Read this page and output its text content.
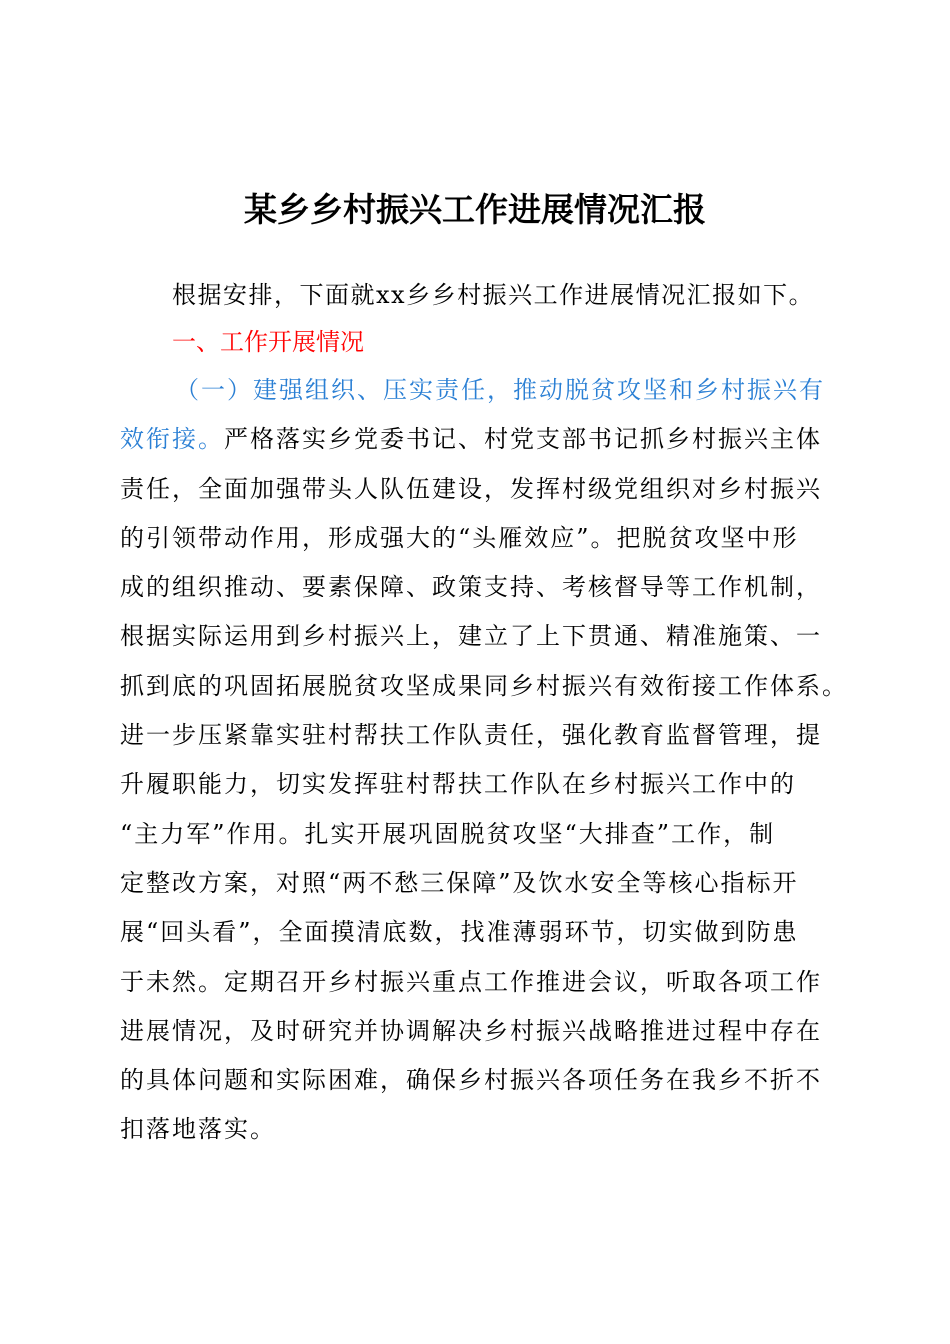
某乡乡村振兴工作进展情况汇报

根据安排，下面就xx乡乡村振兴工作进展情况汇报如下。

一、工作开展情况

（一）建强组织、压实责任，推动脱贫攻坚和乡村振兴有
效衔接。严格落实乡党委书记、村党支部书记抓乡村振兴主体
责任，全面加强带头人队伍建设，发挥村级党组织对乡村振兴
的引领带动作用，形成强大的“头雁效应”。把脱贫攻坚中形
成的组织推动、要素保障、政策支持、考核督导等工作机制，
根据实际运用到乡村振兴上，建立了上下贯通、精准施策、一
抓到底的巩固拓展脱贫攻坚成果同乡村振兴有效衔接工作体系。
进一步压紧靠实驻村帮扶工作队责任，强化教育监督管理，提
升履职能力，切实发挥驻村帮扶工作队在乡村振兴工作中的
“主力军”作用。扎实开展巩固脱贫攻坚“大排查”工作，制
定整改方案，对照“两不愁三保障”及饮水安全等核心指标开
展“回头看”，全面摸清底数，找准薄弱环节，切实做到防患
于未然。定期召开乡村振兴重点工作推进会议，听取各项工作
进展情况，及时研究并协调解决乡村振兴战略推进过程中存在
的具体问题和实际困难，确保乡村振兴各项任务在我乡不折不
扣落地落实。
